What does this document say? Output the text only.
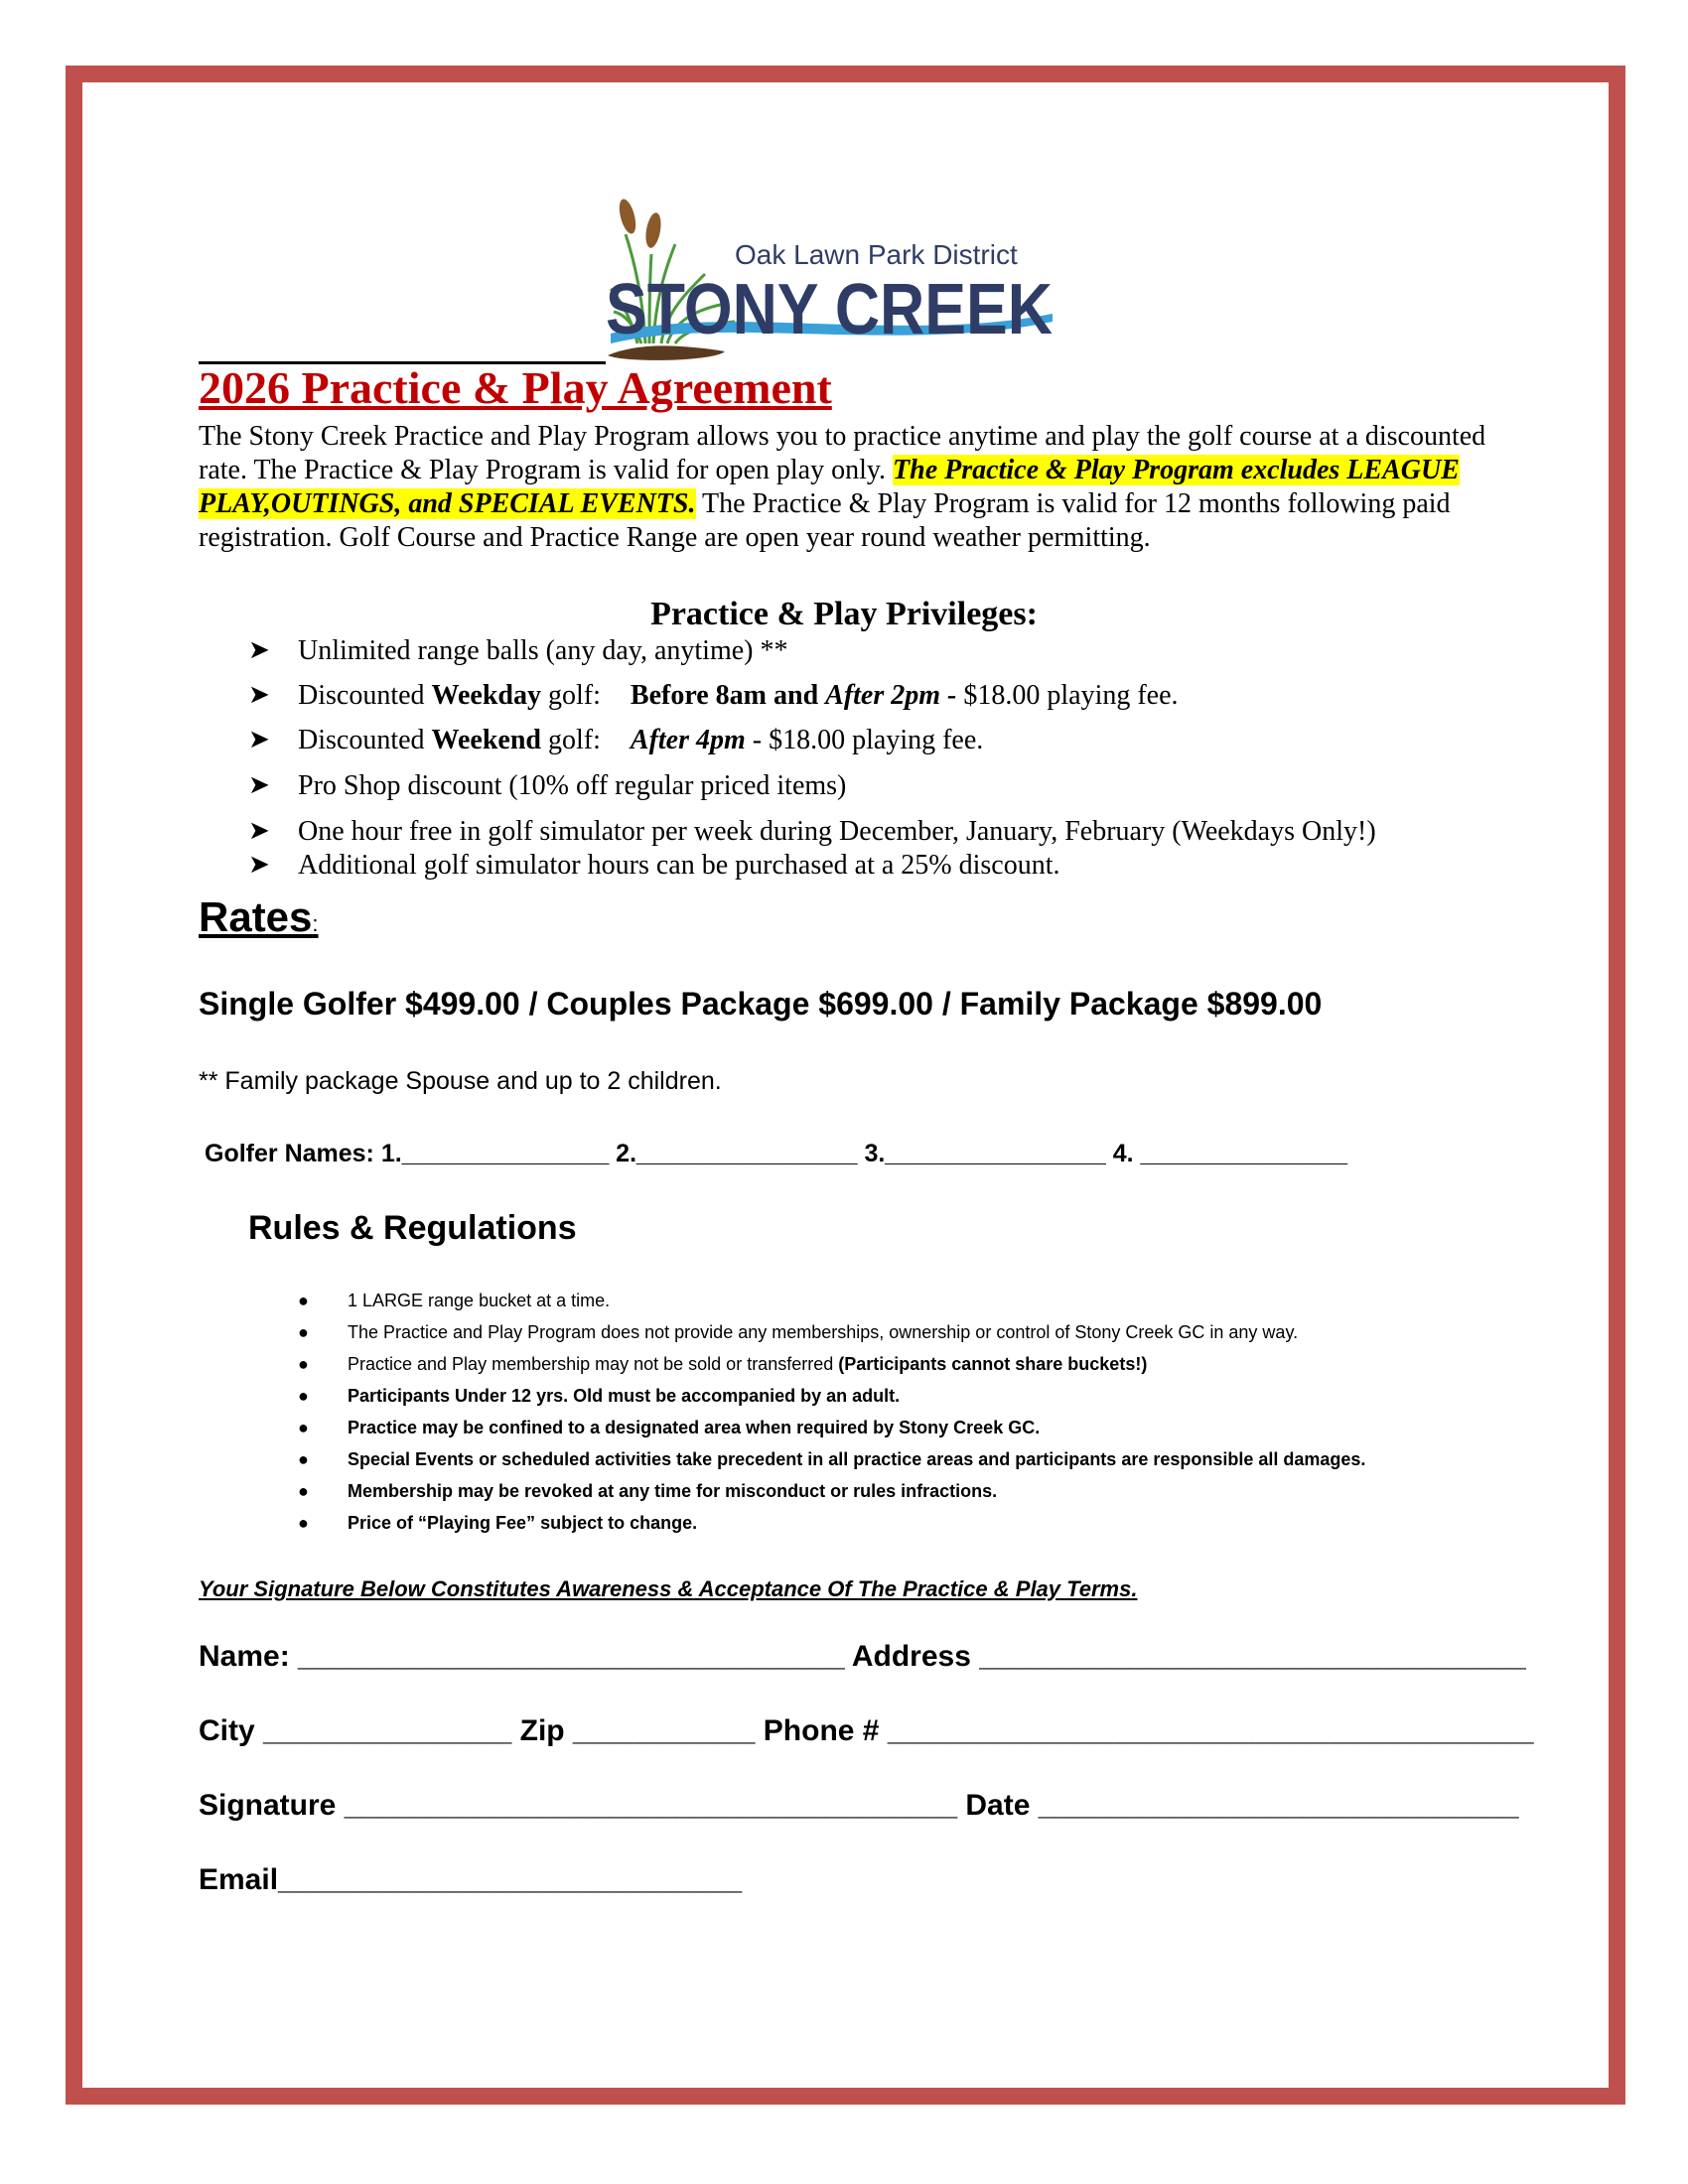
Oak Lawn Park District
STONY CREEK
2026 Practice & Play Agreement

The Stony Creek Practice and Play Program allows you to practice anytime and play the golf course at a discounted rate. The Practice & Play Program is valid for open play only. The Practice & Play Program excludes LEAGUE PLAY,OUTINGS, and SPECIAL EVENTS. The Practice & Play Program is valid for 12 months following paid registration. Golf Course and Practice Range are open year round weather permitting.

Practice & Play Privileges:
➤ Unlimited range balls (any day, anytime) **
➤ Discounted Weekday golf: Before 8am and After 2pm - $18.00 playing fee.
➤ Discounted Weekend golf: After 4pm - $18.00 playing fee.
➤ Pro Shop discount (10% off regular priced items)
➤ One hour free in golf simulator per week during December, January, February (Weekdays Only!)
➤ Additional golf simulator hours can be purchased at a 25% discount.
Rates:

Single Golfer $499.00 / Couples Package $699.00 / Family Package $899.00

** Family package Spouse and up to 2 children.

Golfer Names: 1._______________ 2.________________ 3.________________ 4. _______________

Rules & Regulations
● 1 LARGE range bucket at a time.
● The Practice and Play Program does not provide any memberships, ownership or control of Stony Creek GC in any way.
● Practice and Play membership may not be sold or transferred (Participants cannot share buckets!)
● Participants Under 12 yrs. Old must be accompanied by an adult.
● Practice may be confined to a designated area when required by Stony Creek GC.
● Special Events or scheduled activities take precedent in all practice areas and participants are responsible all damages.
● Membership may be revoked at any time for misconduct or rules infractions.
● Price of “Playing Fee” subject to change.

Your Signature Below Constitutes Awareness & Acceptance Of The Practice & Play Terms.

Name: _________________________________ Address _________________________________

City _______________ Zip ___________ Phone # _______________________________________

Signature _____________________________________ Date _____________________________

Email____________________________
